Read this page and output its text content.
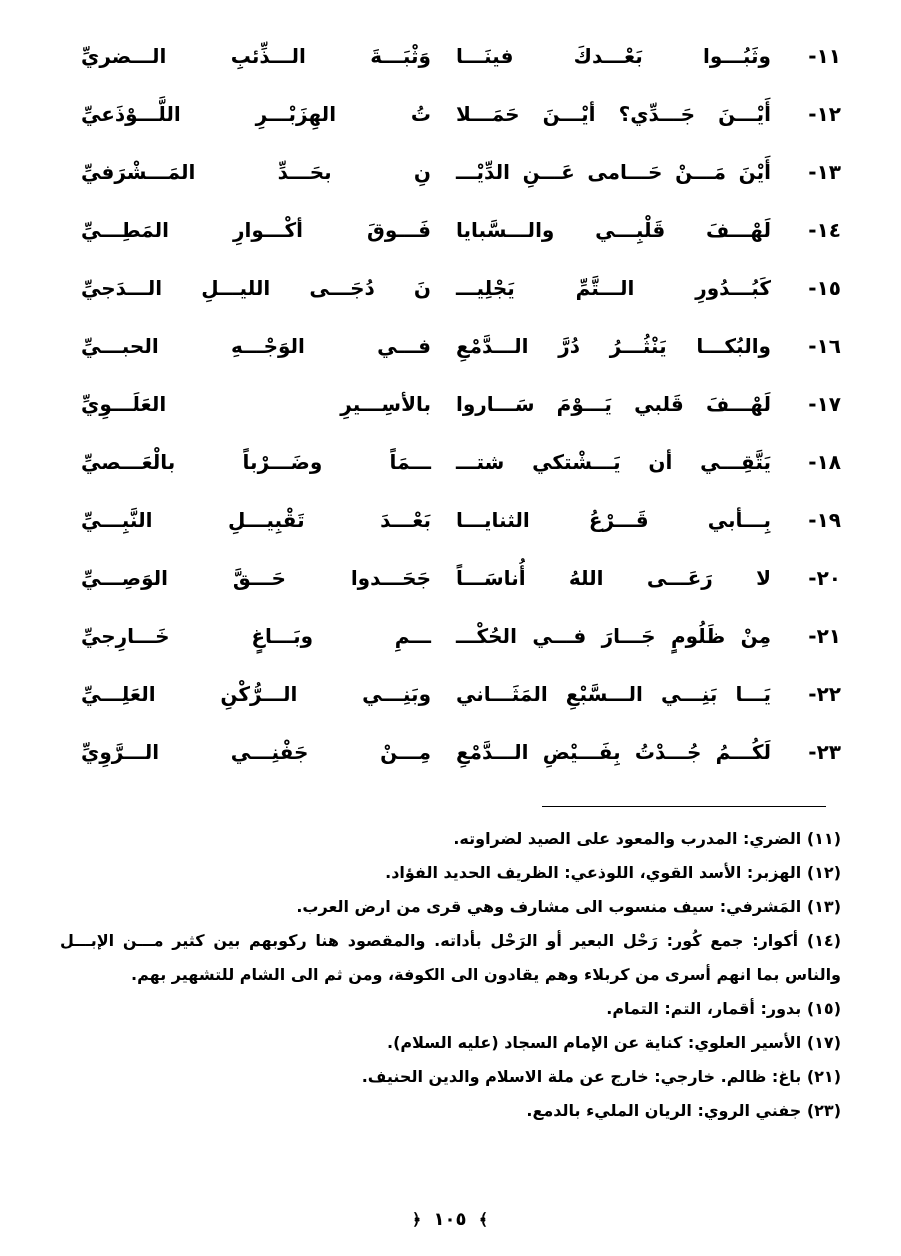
١١-
وثَبُـــوا بَعْـــدكَ فينَـــا
وَثْبَـــةَ الـــذِّئبِ الـــضريِّ
١٢-
أَيْـــنَ جَـــدِّي؟ أيْـــنَ حَمَـــلا
تُ الهِزَبْـــرِ اللَّـــوْذَعيِّ
١٣-
أَيْنَ مَـــنْ حَـــامى عَـــنِ الدِّيْـــ
نِ بحَـــدِّ المَـــشْرَفيِّ
١٤-
لَهْـــفَ قَلْبِـــي والـــسَّبايا
فَـــوقَ أكْـــوارِ المَطِـــيِّ
١٥-
كَبُـــدُورِ الـــتَّمِّ يَجْلِيـــ
نَ دُجَـــى الليـــلِ الـــدَجيِّ
١٦-
والبُكـــا يَنْثُـــرُ دُرَّ الـــدَّمْعِ
فـــي الوَجْـــهِ الحبـــيِّ
١٧-
لَهْـــفَ قَلبي يَـــوْمَ سَـــاروا
بالأسِـــيرِ العَلَـــوِيِّ
١٨-
يَتَّقِـــي أن يَـــشْتكي شتـــ
ـــمَاً وضَـــرْباً بالْعَـــصيِّ
١٩-
بِـــأبي قَـــرْعُ الثنايـــا
بَعْـــدَ تَقْبِيـــلِ النَّبِـــيِّ
٢٠-
لا رَعَـــى اللهُ أُناسَـــاً
جَحَـــدوا حَـــقَّ الوَصِـــيِّ
٢١-
مِنْ ظَلُومٍ جَـــارَ فـــي الحُكْـــ
ـــمِ وبَـــاغٍ خَـــارِجيِّ
٢٢-
يَـــا بَنِـــي الـــسَّبْعِ المَثَـــاني
وبَنِـــي الـــرُّكْنِ العَلِـــيِّ
٢٣-
لَكُـــمُ جُـــدْتُ بِفَـــيْضِ الـــدَّمْعِ
مِـــنْ جَفْنِـــي الـــرَّوِيِّ
(١١) الضري: المدرب والمعود على الصيد لضراوته.
(١٢) الهزبر: الأسد القوي، اللوذعي: الظريف الحديد الفؤاد.
(١٣) المَشرفي: سيف منسوب الى مشارف وهي قرى من ارض العرب.
(١٤) أكوار: جمع كُور: رَحْل البعير أو الرَحْل بأداته. والمقصود هنا ركوبهم بين كثير مـــن الإبـــل
والناس بما انهم أسرى من كربلاء وهم يقادون الى الكوفة، ومن ثم الى الشام للتشهير بهم.
(١٥) بدور: أقمار، التم: التمام.
(١٧) الأسير العلوي: كناية عن الإمام السجاد (عليه السلام).
(٢١) باغ: ظالم. خارجي: خارج عن ملة الاسلام والدين الحنيف.
(٢٣) جفني الروي: الريان المليء بالدمع.
﴾ ١٠٥ ﴿
